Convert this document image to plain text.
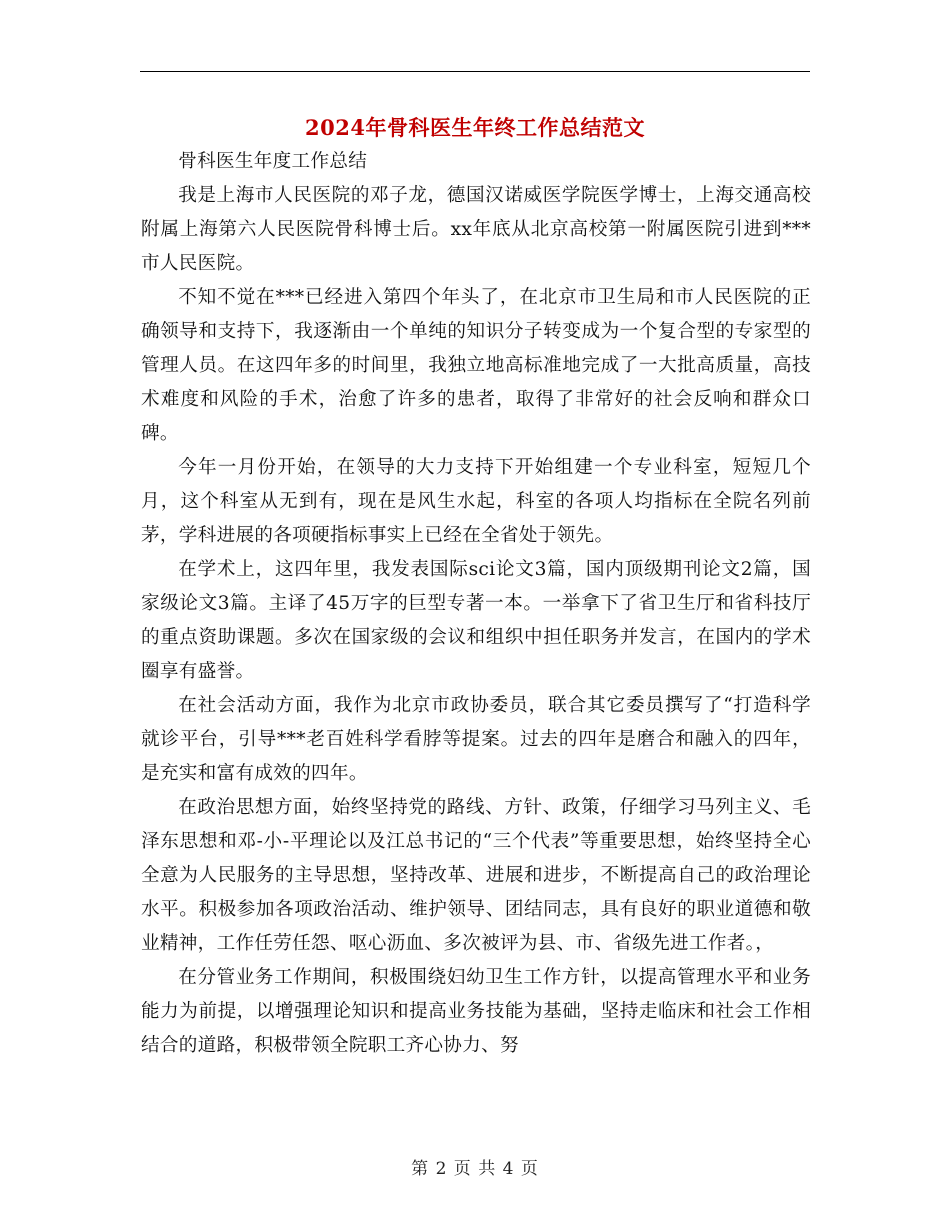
2024年骨科医生年终工作总结范文

骨科医生年度工作总结

我是上海市人民医院的邓子龙，德国汉诺威医学院医学博士，上海交通高校附属上海第六人民医院骨科博士后。xx年底从北京高校第一附属医院引进到***市人民医院。

不知不觉在***已经进入第四个年头了，在北京市卫生局和市人民医院的正确领导和支持下，我逐渐由一个单纯的知识分子转变成为一个复合型的专家型的管理人员。在这四年多的时间里，我独立地高标准地完成了一大批高质量，高技术难度和风险的手术，治愈了许多的患者，取得了非常好的社会反响和群众口碑。

今年一月份开始，在领导的大力支持下开始组建一个专业科室，短短几个月，这个科室从无到有，现在是风生水起，科室的各项人均指标在全院名列前茅，学科进展的各项硬指标事实上已经在全省处于领先。

在学术上，这四年里，我发表国际sci论文3篇，国内顶级期刊论文2篇，国家级论文3篇。主译了45万字的巨型专著一本。一举拿下了省卫生厅和省科技厅的重点资助课题。多次在国家级的会议和组织中担任职务并发言，在国内的学术圈享有盛誉。

在社会活动方面，我作为北京市政协委员，联合其它委员撰写了“打造科学就诊平台，引导***老百姓科学看脖等提案。过去的四年是磨合和融入的四年，是充实和富有成效的四年。

在政治思想方面，始终坚持党的路线、方针、政策，仔细学习马列主义、毛泽东思想和邓-小-平理论以及江总书记的“三个代表”等重要思想，始终坚持全心全意为人民服务的主导思想，坚持改革、进展和进步，不断提高自己的政治理论水平。积极参加各项政治活动、维护领导、团结同志，具有良好的职业道德和敬业精神，工作任劳任怨、呕心沥血、多次被评为县、市、省级先进工作者。，

在分管业务工作期间，积极围绕妇幼卫生工作方针，以提高管理水平和业务能力为前提，以增强理论知识和提高业务技能为基础，坚持走临床和社会工作相结合的道路，积极带领全院职工齐心协力、努

第 2 页 共 4 页
